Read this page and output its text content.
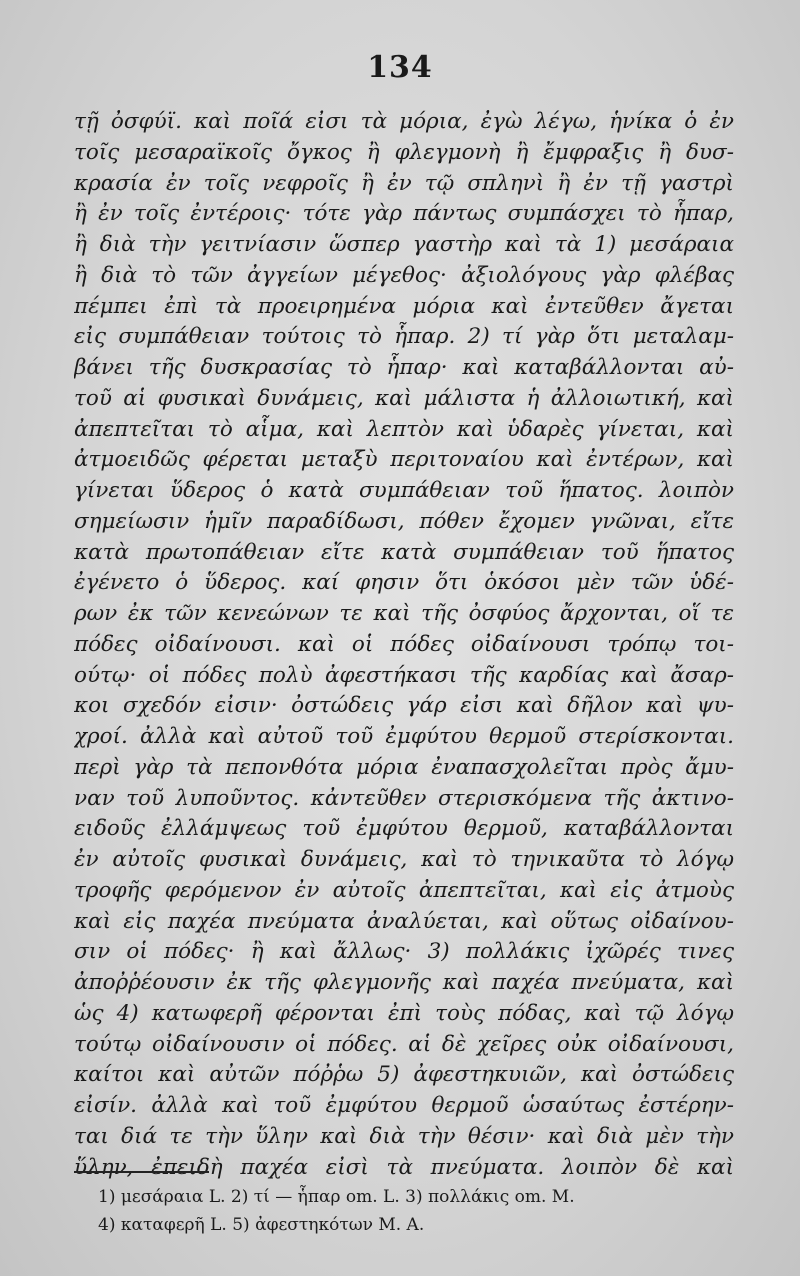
134
τῇ ὀσφύϊ. καὶ ποῖά εἰσι τὰ μόρια, ἐγὼ λέγω, ἡνίκα ὁ ἐν
τοῖς μεσαραϊκοῖς ὄγκος ἢ φλεγμονὴ ἢ ἔμφραξις ἢ δυσ-
κρασία ἐν τοῖς νεφροῖς ἢ ἐν τῷ σπληνὶ ἢ ἐν τῇ γαστρὶ
ἢ ἐν τοῖς ἐντέροις· τότε γὰρ πάντως συμπάσχει τὸ ἧπαρ,
ἢ διὰ τὴν γειτνίασιν ὥσπερ γαστὴρ καὶ τὰ 1) μεσάραια
ἢ διὰ τὸ τῶν ἀγγείων μέγεθος· ἀξιολόγους γὰρ φλέβας
πέμπει ἐπὶ τὰ προειρημένα μόρια καὶ ἐντεῦθεν ἄγεται
εἰς συμπάθειαν τούτοις τὸ ἧπαρ. 2) τί γὰρ ὅτι μεταλαμ-
βάνει τῆς δυσκρασίας τὸ ἧπαρ· καὶ καταβάλλονται αὐ-
τοῦ αἱ φυσικαὶ δυνάμεις, καὶ μάλιστα ἡ ἀλλοιωτική, καὶ
ἀπεπτεῖται τὸ αἷμα, καὶ λεπτὸν καὶ ὑδαρὲς γίνεται, καὶ
ἀτμοειδῶς φέρεται μεταξὺ περιτοναίου καὶ ἐντέρων, καὶ
γίνεται ὕδερος ὁ κατὰ συμπάθειαν τοῦ ἥπατος. λοιπὸν
σημείωσιν ἡμῖν παραδίδωσι, πόθεν ἔχομεν γνῶναι, εἴτε
κατὰ πρωτοπάθειαν εἴτε κατὰ συμπάθειαν τοῦ ἥπατος
ἐγένετο ὁ ὕδερος. καί φησιν ὅτι ὁκόσοι μὲν τῶν ὑδέ-
ρων ἐκ τῶν κενεώνων τε καὶ τῆς ὀσφύος ἄρχονται, οἵ τε
πόδες οἰδαίνουσι. καὶ οἱ πόδες οἰδαίνουσι τρόπῳ τοι-
ούτῳ· οἱ πόδες πολὺ ἀφεστήκασι τῆς καρδίας καὶ ἄσαρ-
κοι σχεδόν εἰσιν· ὀστώδεις γάρ εἰσι καὶ δῆλον καὶ ψυ-
χροί. ἀλλὰ καὶ αὐτοῦ τοῦ ἐμφύτου θερμοῦ στερίσκονται.
περὶ γὰρ τὰ πεπονθότα μόρια ἐναπασχολεῖται πρὸς ἄμυ-
ναν τοῦ λυποῦντος. κἀντεῦθεν στερισκόμενα τῆς ἀκτινο-
ειδοῦς ἐλλάμψεως τοῦ ἐμφύτου θερμοῦ, καταβάλλονται
ἐν αὐτοῖς φυσικαὶ δυνάμεις, καὶ τὸ τηνικαῦτα τὸ λόγῳ
τροφῆς φερόμενον ἐν αὐτοῖς ἀπεπτεῖται, καὶ εἰς ἀτμοὺς
καὶ εἰς παχέα πνεύματα ἀναλύεται, καὶ οὕτως οἰδαίνου-
σιν οἱ πόδες· ἢ καὶ ἄλλως· 3) πολλάκις ἰχῶρές τινες
ἀποῤῥέουσιν ἐκ τῆς φλεγμονῆς καὶ παχέα πνεύματα, καὶ
ὡς 4) κατωφερῆ φέρονται ἐπὶ τοὺς πόδας, καὶ τῷ λόγῳ
τούτῳ οἰδαίνουσιν οἱ πόδες. αἱ δὲ χεῖρες οὐκ οἰδαίνουσι,
καίτοι καὶ αὐτῶν πόῤῥω 5) ἀφεστηκυιῶν, καὶ ὀστώδεις
εἰσίν. ἀλλὰ καὶ τοῦ ἐμφύτου θερμοῦ ὡσαύτως ἐστέρην-
ται διά τε τὴν ὕλην καὶ διὰ τὴν θέσιν· καὶ διὰ μὲν τὴν
ὕλην, ἐπειδὴ παχέα εἰσὶ τὰ πνεύματα. λοιπὸν δὲ καὶ
1) μεσάραια L. 2) τί — ἧπαρ om. L. 3) πολλάκις om. M.
4) καταφερῆ L. 5) ἀφεστηκότων M. A.
